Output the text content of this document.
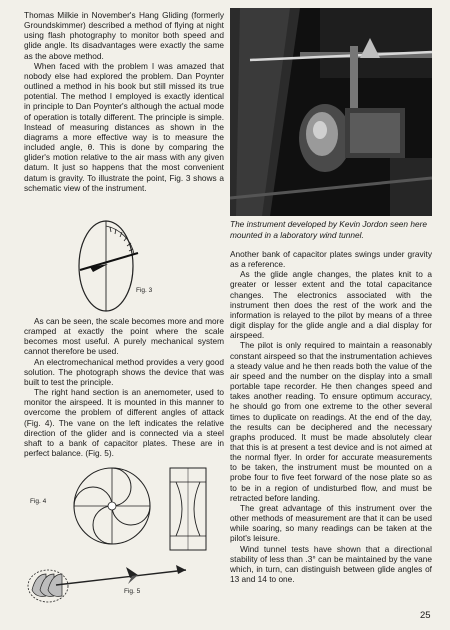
Thomas Milkie in November's Hang Gliding (formerly Groundskimmer) described a method of flying at night using flash photography to monitor both speed and glide angle. Its disadvantages were exactly the same as the above method.

When faced with the problem I was amazed that nobody else had explored the problem. Dan Poynter outlined a method in his book but still missed its true potential. The method I employed is exactly identical in principle to Dan Poynter's although the actual mode of operation is totally different. The principle is simple. Instead of measuring distances as shown in the diagrams a more effective way is to measure the included angle, θ. This is done by comparing the glider's motion relative to the air mass with any given datum. It just so happens that the most convenient datum is gravity. To illustrate the point, Fig. 3 shows a schematic view of the instrument.

Fig. 3

As can be seen, the scale becomes more and more cramped at exactly the point where the scale becomes most useful. A purely mechanical system cannot therefore be used.

An electromechanical method provides a very good solution. The photograph shows the device that was built to test the principle.

The right hand section is an anemometer, used to monitor the airspeed. It is mounted in this manner to overcome the problem of different angles of attack (Fig. 4). The vane on the left indicates the relative direction of the glider and is connected via a steel shaft to a bank of capacitor plates. These are in perfect balance. (Fig. 5).

Fig. 4
Fig. 5
The instrument developed by Kevin Jordon seen here mounted in a laboratory wind tunnel.

Another bank of capacitor plates swings under gravity as a reference.

As the glide angle changes, the plates knit to a greater or lesser extent and the total capacitance changes. The electronics associated with the instrument then does the rest of the work and the information is relayed to the pilot by means of a three digit display for the glide angle and a dial display for airspeed.

The pilot is only required to maintain a reasonably constant airspeed so that the instrumentation achieves a steady value and he then reads both the value of the air speed and the number on the display into a small portable tape recorder. He then changes speed and takes another reading. To ensure optimum accuracy, he should go from one extreme to the other several times to duplicate on readings. At the end of the day, the results can be deciphered and the necessary graphs produced. It must be made absolutely clear that this is at present a test device and is not aimed at the normal flyer. In order for accurate measurements to be taken, the instrument must be mounted on a probe four to five feet forward of the nose plate so as to be in a region of undisturbed flow, and must be retracted before landing.

The great advantage of this instrument over the other methods of measurement are that it can be used while soaring, so many readings can be taken at the pilot's leisure.

Wind tunnel tests have shown that a directional stability of less than .3° can be maintained by the vane which, in turn, can distinguish between glide angles of 13 and 14 to one.

25
